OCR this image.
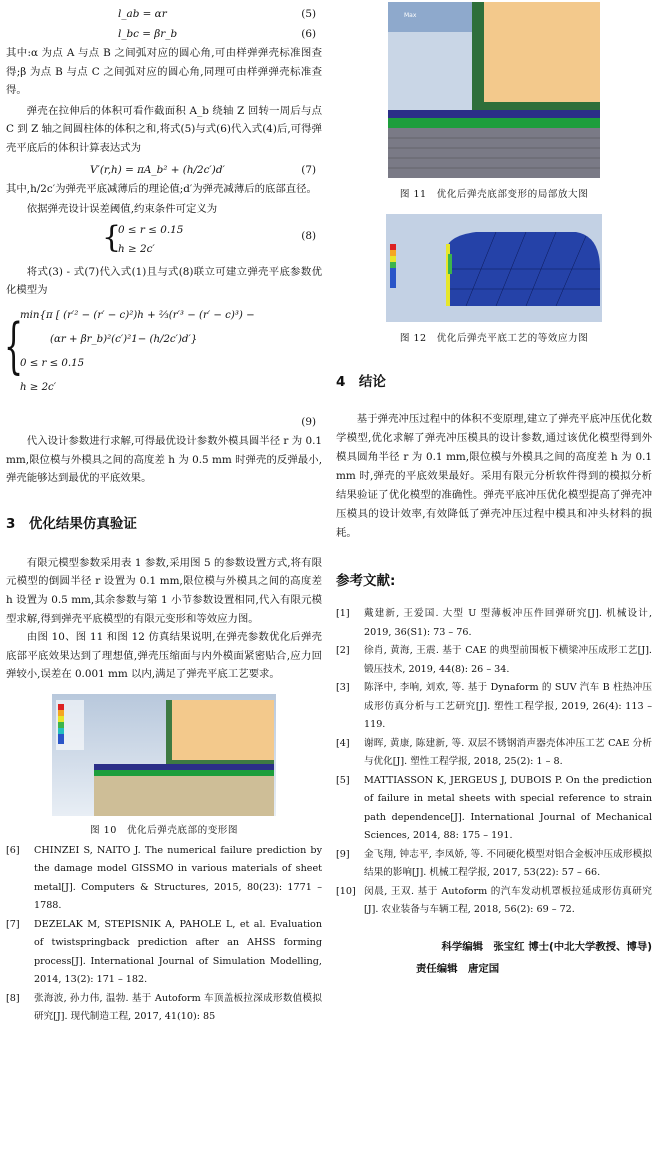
l_ab = αr	(5)
l_bc = βr_b	(6)

其中:α 为点 A 与点 B 之间弧对应的圆心角,可由样弹弹壳标准图查得;β 为点 B 与点 C 之间弧对应的圆心角,同理可由样弹弹壳标准查得。

弹壳在拉伸后的体积可看作截面积 A_b 绕轴 Z 回转一周后与点 C 到 Z 轴之间圆柱体的体积之和,将式(5)与式(6)代入式(4)后,可得弹壳平底后的体积计算表达式为

V′(r,h) = πA_b² + (h/2c′)d′	(7)

其中,h/2c′为弹壳平底减薄后的理论值;d′为弹壳减薄后的底部直径。

依据弹壳设计误差阈值,约束条件可定义为

{
0 ≤ r ≤ 0.15
h ≥ 2c′
(8)

将式(3) - 式(7)代入式(1)且与式(8)联立可建立弹壳平底参数优化模型为

{
min{π [ (r′² − (r′ − c)²)h + ⅔(r′³ − (r′ − c)³) −
(αr + βr_b)²(c′)²1− (h/2c′)d′}
0 ≤ r ≤ 0.15
h ≥ 2c′
(9)

代入设计参数进行求解,可得最优设计参数外模具圆半径 r 为 0.1 mm,限位模与外模具之间的高度差 h 为 0.5 mm 时弹壳的反弹最小,弹壳能够达到最优的平底效果。

3　优化结果仿真验证

有限元模型参数采用表 1 参数,采用图 5 的参数设置方式,将有限元模型的倒圆半径 r 设置为 0.1 mm,限位模与外模具之间的高度差 h 设置为 0.5 mm,其余参数与第 1 小节参数设置相同,代入有限元模型求解,得到弹壳平底模型的有限元变形和等效应力图。

由图 10、图 11 和图 12 仿真结果说明,在弹壳参数优化后弹壳底部平底效果达到了理想值,弹壳压缩面与内外模面紧密贴合,应力回弹较小,误差在 0.001 mm 以内,满足了弹壳平底工艺要求。

图 10　优化后弹壳底部的变形图
[6]	CHINZEI S, NAITO J. The numerical failure prediction by the damage model GISSMO in various materials of sheet metal[J]. Computers & Structures, 2015, 80(23): 1771 – 1788.
[7]	DEZELAK M, STEPISNIK A, PAHOLE L, et al. Evaluation of twistspringback prediction after an AHSS forming process[J]. International Journal of Simulation Modelling, 2014, 13(2): 171 – 182.
[8]	张海波, 孙力伟, 温勃. 基于 Autoform 车顶盖板拉深成形数值模拟研究[J]. 现代制造工程, 2017, 41(10): 85
Max
图 11　优化后弹壳底部变形的局部放大图
图 12　优化后弹壳平底工艺的等效应力图
4　结论

基于弹壳冲压过程中的体积不变原理,建立了弹壳平底冲压优化数学模型,优化求解了弹壳冲压模具的设计参数,通过该优化模型得到外模具圆角半径 r 为 0.1 mm,限位模与外模具之间的高度差 h 为 0.1 mm 时,弹壳的平底效果最好。采用有限元分析软件得到的模拟分析结果验证了优化模型的准确性。弹壳平底冲压优化模型提高了弹壳冲压模具的设计效率,有效降低了弹壳冲压过程中模具和冲头材料的损耗。

参考文献:
[1]	戴建新, 王爱国. 大型 U 型薄板冲压件回弹研究[J]. 机械设计, 2019, 36(S1): 73 – 76.
[2]	徐肖, 黄海, 王震. 基于 CAE 的典型前围板下横梁冲压成形工艺[J]. 锻压技术, 2019, 44(8): 26 – 34.
[3]	陈泽中, 李响, 刘欢, 等. 基于 Dynaform 的 SUV 汽车 B 柱热冲压成形仿真分析与工艺研究[J]. 塑性工程学报, 2019, 26(4): 113 – 119.
[4]	谢晖, 黄康, 陈建新, 等. 双层不锈钢消声器壳体冲压工艺 CAE 分析与优化[J]. 塑性工程学报, 2018, 25(2): 1 – 8.
[5]	MATTIASSON K, JERGEUS J, DUBOIS P. On the prediction of failure in metal sheets with special reference to strain path dependence[J]. International Journal of Mechanical Sciences, 2014, 88: 175 – 191.
[9]	金飞翔, 钟志平, 李凤娇, 等. 不同硬化模型对铝合金板冲压成形模拟结果的影响[J]. 机械工程学报, 2017, 53(22): 57 – 66.
[10] 闵晨, 王双. 基于 Autoform 的汽车发动机罩板拉延成形仿真研究[J]. 农业装备与车辆工程, 2018, 56(2): 69 – 72.
科学编辑　张宝红 博士(中北大学教授、博导)
责任编辑　唐定国
